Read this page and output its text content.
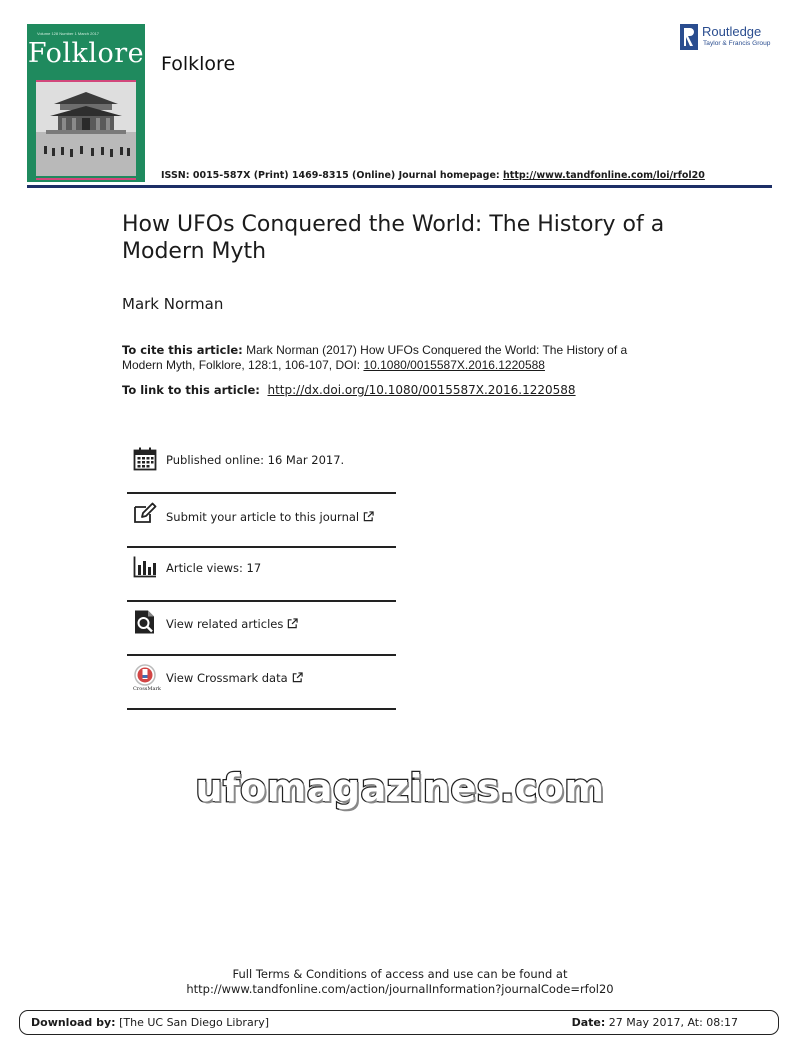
Volume 128 Number 1 March 2017
Folklore Folklore
Routledge
Taylor & Francis Group
ISSN: 0015-587X (Print) 1469-8315 (Online) Journal homepage: http://www.tandfonline.com/loi/rfol20
How UFOs Conquered the World: The History of a Modern Myth
Mark Norman
To cite this article: Mark Norman (2017) How UFOs Conquered the World: The History of a Modern Myth, Folklore, 128:1, 106-107, DOI: 10.1080/0015587X.2016.1220588
To link to this article: http://dx.doi.org/10.1080/0015587X.2016.1220588
Published online: 16 Mar 2017.
Submit your article to this journal
Article views: 17
View related articles
CrossMark
View Crossmark data
ufomagazines.com
Full Terms & Conditions of access and use can be found at
http://www.tandfonline.com/action/journalInformation?journalCode=rfol20
Download by: [The UC San Diego Library]	Date: 27 May 2017, At: 08:17
